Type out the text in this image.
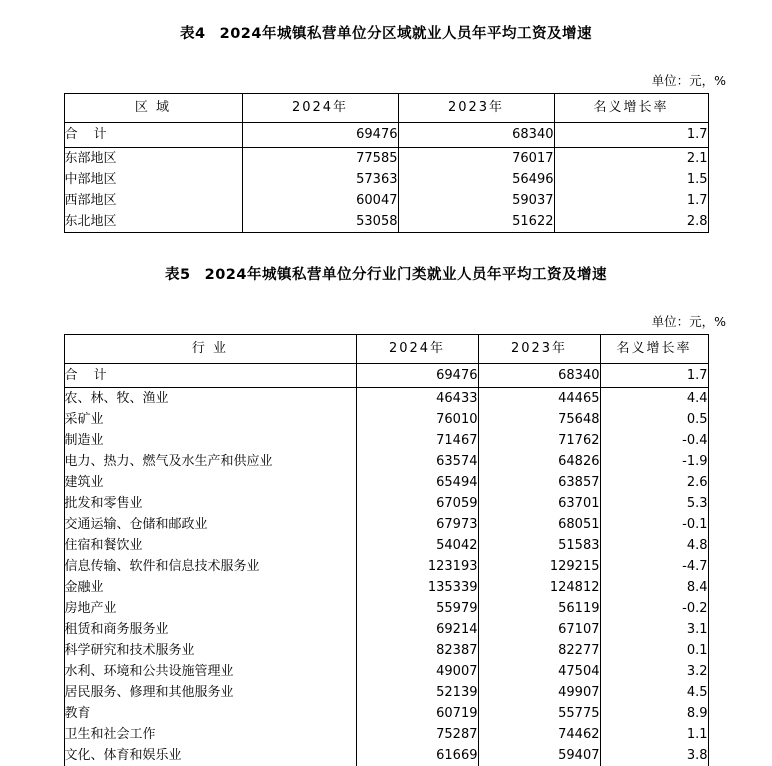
表4 2024年城镇私营单位分区域就业人员年平均工资及增速
单位：元，%
区 域	2024年	2023年	名义增长率
合 计	69476	68340	1.7
东部地区	77585	76017	2.1
中部地区	57363	56496	1.5
西部地区	60047	59037	1.7
东北地区	53058	51622	2.8
表5 2024年城镇私营单位分行业门类就业人员年平均工资及增速
单位：元，%
行 业	2024年	2023年	名义增长率
合 计	69476	68340	1.7
农、林、牧、渔业	46433	44465	4.4
采矿业	76010	75648	0.5
制造业	71467	71762	-0.4
电力、热力、燃气及水生产和供应业	63574	64826	-1.9
建筑业	65494	63857	2.6
批发和零售业	67059	63701	5.3
交通运输、仓储和邮政业	67973	68051	-0.1
住宿和餐饮业	54042	51583	4.8
信息传输、软件和信息技术服务业	123193	129215	-4.7
金融业	135339	124812	8.4
房地产业	55979	56119	-0.2
租赁和商务服务业	69214	67107	3.1
科学研究和技术服务业	82387	82277	0.1
水利、环境和公共设施管理业	49007	47504	3.2
居民服务、修理和其他服务业	52139	49907	4.5
教育	60719	55775	8.9
卫生和社会工作	75287	74462	1.1
文化、体育和娱乐业	61669	59407	3.8
